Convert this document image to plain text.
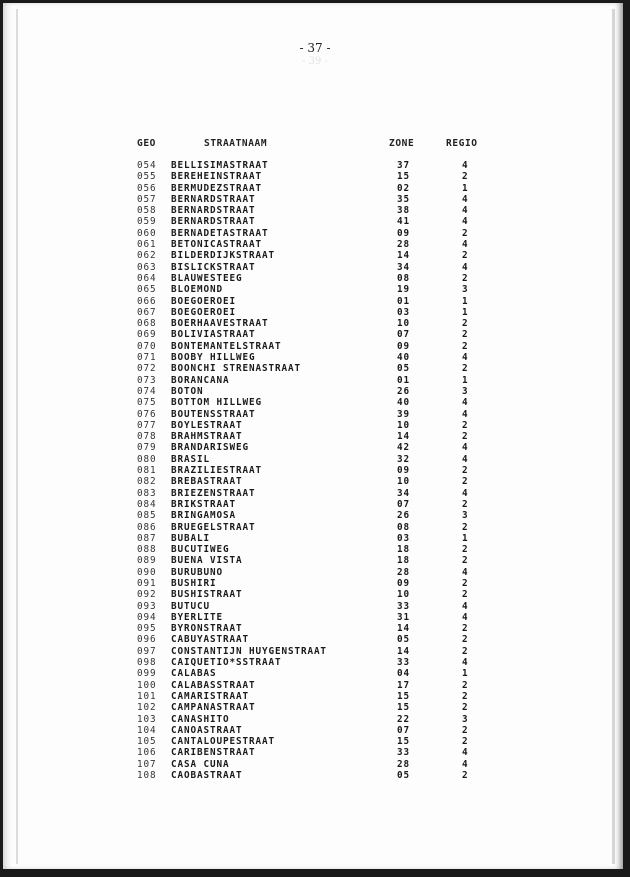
- 37 -
- 39 -
GEO	STRAATNAAM	ZONE	REGIO
054 BELLISIMASTRAAT	37	4
055 BEREHEINSTRAAT	15	2
056 BERMUDEZSTRAAT	02	1
057 BERNARDSTRAAT	35	4
058 BERNARDSTRAAT	38	4
059 BERNARDSTRAAT	41	4
060 BERNADETASTRAAT	09	2
061 BETONICASTRAAT	28	4
062 BILDERDIJKSTRAAT	14	2
063 BISLICKSTRAAT	34	4
064 BLAUWESTEEG	08	2
065 BLOEMOND	19	3
066 BOEGOEROEI	01	1
067 BOEGOEROEI	03	1
068 BOERHAAVESTRAAT	10	2
069 BOLIVIASTRAAT	07	2
070 BONTEMANTELSTRAAT	09	2
071 BOOBY HILLWEG	40	4
072 BOONCHI STRENASTRAAT	05	2
073 BORANCANA	01	1
074 BOTON	26	3
075 BOTTOM HILLWEG	40	4
076 BOUTENSSTRAAT	39	4
077 BOYLESTRAAT	10	2
078 BRAHMSTRAAT	14	2
079 BRANDARISWEG	42	4
080 BRASIL	32	4
081 BRAZILIESTRAAT	09	2
082 BREBASTRAAT	10	2
083 BRIEZENSTRAAT	34	4
084 BRIKSTRAAT	07	2
085 BRINGAMOSA	26	3
086 BRUEGELSTRAAT	08	2
087 BUBALI	03	1
088 BUCUTIWEG	18	2
089 BUENA VISTA	18	2
090 BURUBUNO	28	4
091 BUSHIRI	09	2
092 BUSHISTRAAT	10	2
093 BUTUCU	33	4
094 BYERLITE	31	4
095 BYRONSTRAAT	14	2
096 CABUYASTRAAT	05	2
097 CONSTANTIJN HUYGENSTRAAT	14	2
098 CAIQUETIO*SSTRAAT	33	4
099 CALABAS	04	1
100 CALABASSTRAAT	17	2
101 CAMARISTRAAT	15	2
102 CAMPANASTRAAT	15	2
103 CANASHITO	22	3
104 CANOASTRAAT	07	2
105 CANTALOUPESTRAAT	15	2
106 CARIBENSTRAAT	33	4
107 CASA CUNA	28	4
108 CAOBASTRAAT	05	2
